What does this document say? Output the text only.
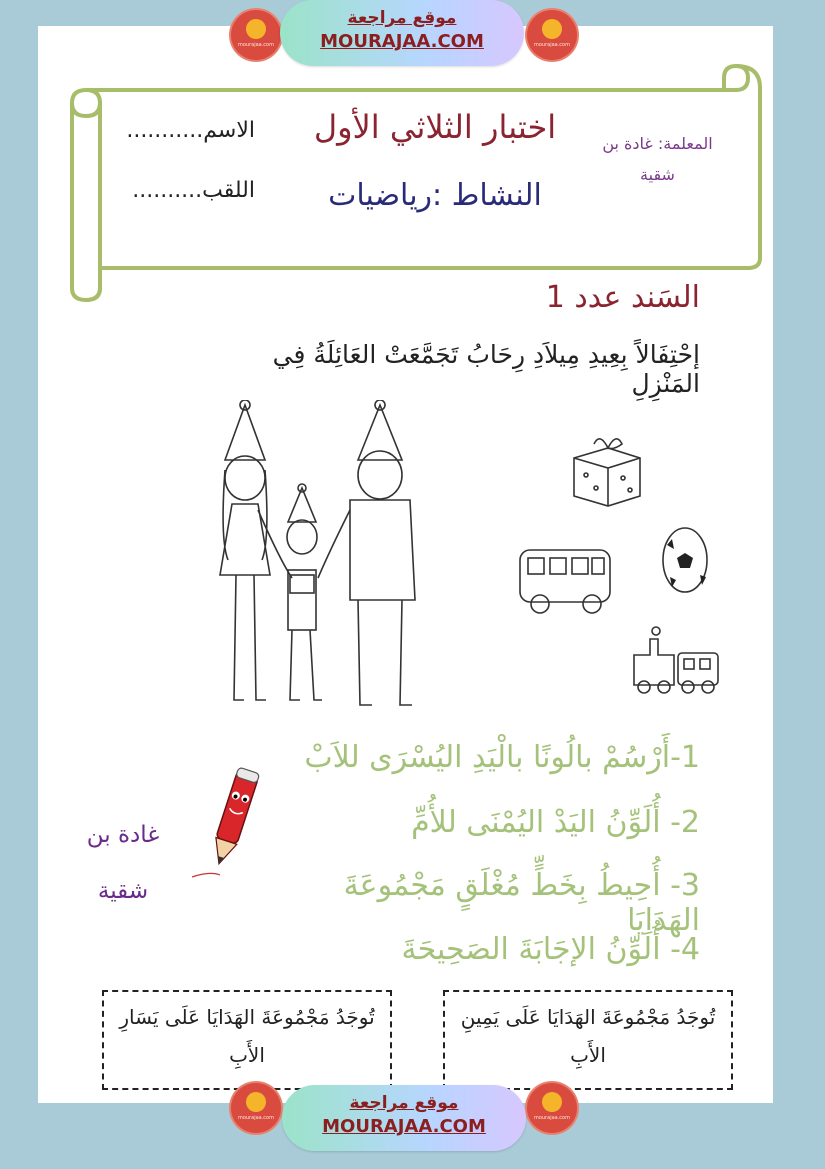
mourajaa.com	mourajaa.com
موقع مراجعة
MOURAJAA.COM
اختبار الثلاثي الأول
النشاط :رياضيات
الاسم...........
اللقب..........
المعلمة: غادة بن
شقية
السَند عدد 1
إحْتِفَالاً بِعِيدِ مِيلاَدِ رِحَابُ تَجَمَّعَتْ العَائِلَةُ فِي المَنْزِلِ
1-أَرْسُمْ بالُونًا بالْيَدِ اليُسْرَى للاَبْ
2- أُلَوِّنُ اليَدْ اليُمْنَى للأُمِّ
3- أُحِيطُ بِخَطٍّ مُغْلَقٍ مَجْمُوعَةَ الهَدَايَا
4- أُلَوِّنُ الإجَابَةَ الصَحِيحَةَ
غادة بن
شقية
تُوجَدُ مَجْمُوعَةَ الهَدَايَا عَلَى يَسَارِ الأَبِ
تُوجَدُ مَجْمُوعَةَ الهَدَايَا عَلَى يَمِينِ الأَبِ
mourajaa.com	mourajaa.com
موقع مراجعة
MOURAJAA.COM
